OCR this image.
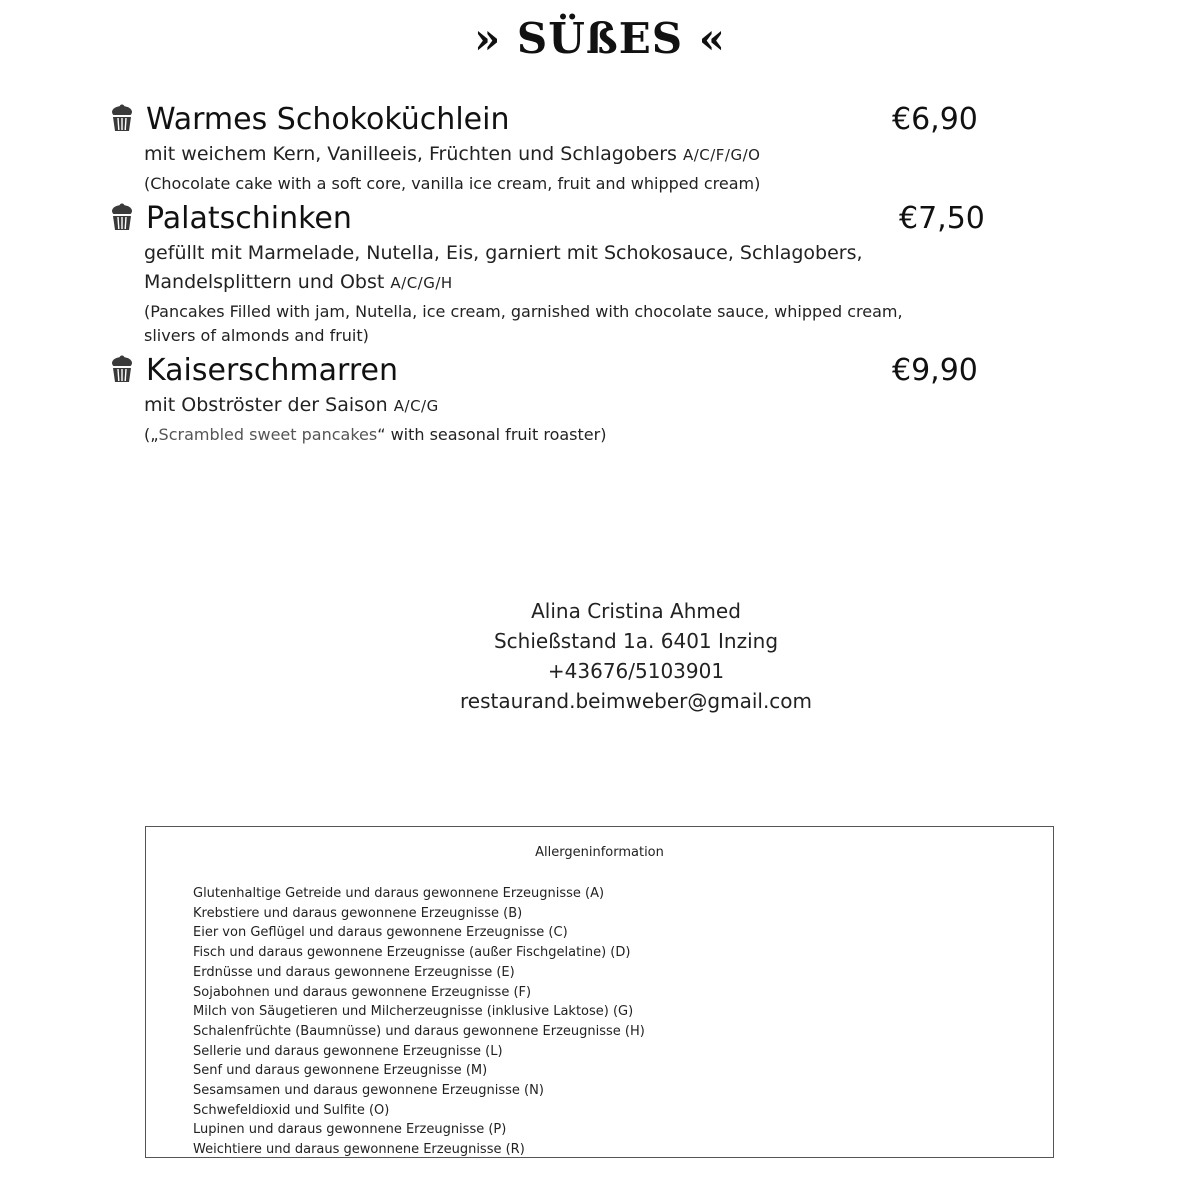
» SÜßES «
Warmes Schokoküchlein	€6,90
mit weichem Kern, Vanilleeis, Früchten und Schlagobers A/C/F/G/O
(Chocolate cake with a soft core, vanilla ice cream, fruit and whipped cream)
Palatschinken	€7,50
gefüllt mit Marmelade, Nutella, Eis, garniert mit Schokosauce, Schlagobers,
Mandelsplittern und Obst A/C/G/H
(Pancakes Filled with jam, Nutella, ice cream, garnished with chocolate sauce, whipped cream,
slivers of almonds and fruit)
Kaiserschmarren	€9,90
mit Obströster der Saison A/C/G
(„Scrambled sweet pancakes“ with seasonal fruit roaster)
Alina Cristina Ahmed
Schießstand 1a. 6401 Inzing
+43676/5103901
restaurand.beimweber@gmail.com
Allergeninformation
Glutenhaltige Getreide und daraus gewonnene Erzeugnisse (A)
Krebstiere und daraus gewonnene Erzeugnisse (B)
Eier von Geflügel und daraus gewonnene Erzeugnisse (C)
Fisch und daraus gewonnene Erzeugnisse (außer Fischgelatine) (D)
Erdnüsse und daraus gewonnene Erzeugnisse (E)
Sojabohnen und daraus gewonnene Erzeugnisse (F)
Milch von Säugetieren und Milcherzeugnisse (inklusive Laktose) (G)
Schalenfrüchte (Baumnüsse) und daraus gewonnene Erzeugnisse (H)
Sellerie und daraus gewonnene Erzeugnisse (L)
Senf und daraus gewonnene Erzeugnisse (M)
Sesamsamen und daraus gewonnene Erzeugnisse (N)
Schwefeldioxid und Sulfite (O)
Lupinen und daraus gewonnene Erzeugnisse (P)
Weichtiere und daraus gewonnene Erzeugnisse (R)
